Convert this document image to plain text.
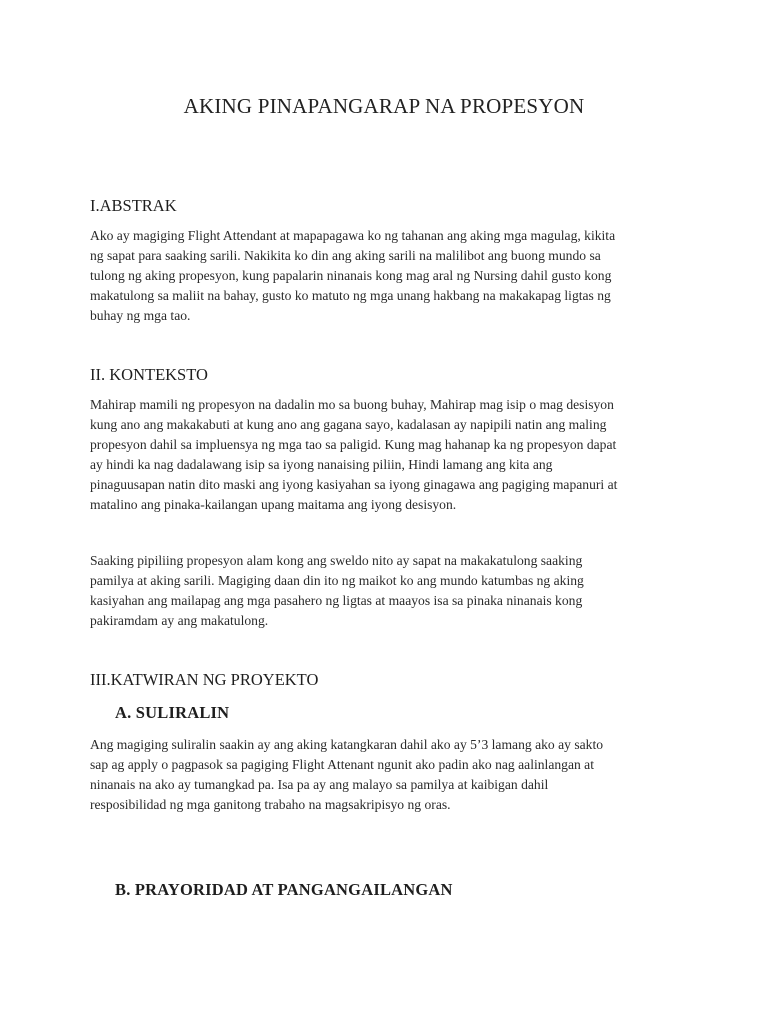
AKING PINAPANGARAP NA PROPESYON
I.ABSTRAK
Ako ay magiging Flight Attendant at mapapagawa ko ng tahanan ang aking mga magulag, kikita
ng sapat para saaking sarili. Nakikita ko din ang aking sarili na malilibot ang buong mundo sa
tulong ng aking propesyon, kung papalarin ninanais kong mag aral ng Nursing dahil gusto kong
makatulong sa maliit na bahay, gusto ko matuto ng mga unang hakbang na makakapag ligtas ng
buhay ng mga tao.
II. KONTEKSTO
Mahirap mamili ng propesyon na dadalin mo sa buong buhay, Mahirap mag isip o mag desisyon
kung ano ang makakabuti at kung ano ang gagana sayo, kadalasan ay napipili natin ang maling
propesyon dahil sa impluensya ng mga tao sa paligid. Kung mag hahanap ka ng propesyon dapat
ay hindi ka nag dadalawang isip sa iyong nanaising piliin, Hindi lamang ang kita ang
pinaguusapan natin dito maski ang iyong kasiyahan sa iyong ginagawa ang pagiging mapanuri at
matalino ang pinaka-kailangan upang maitama ang iyong desisyon.
Saaking pipiliing propesyon alam kong ang sweldo nito ay sapat na makakatulong saaking
pamilya at aking sarili. Magiging daan din ito ng maikot ko ang mundo katumbas ng aking
kasiyahan ang mailapag ang mga pasahero ng ligtas at maayos isa sa pinaka ninanais kong
pakiramdam ay ang makatulong.
III.KATWIRAN NG PROYEKTO
A. SULIRALIN
Ang magiging suliralin saakin ay ang aking katangkaran dahil ako ay 5’3 lamang ako ay sakto
sap ag apply o pagpasok sa pagiging Flight Attenant ngunit ako padin ako nag aalinlangan at
ninanais na ako ay tumangkad pa. Isa pa ay ang malayo sa pamilya at kaibigan dahil
resposibilidad ng mga ganitong trabaho na magsakripisyo ng oras.
B. PRAYORIDAD AT PANGANGAILANGAN
